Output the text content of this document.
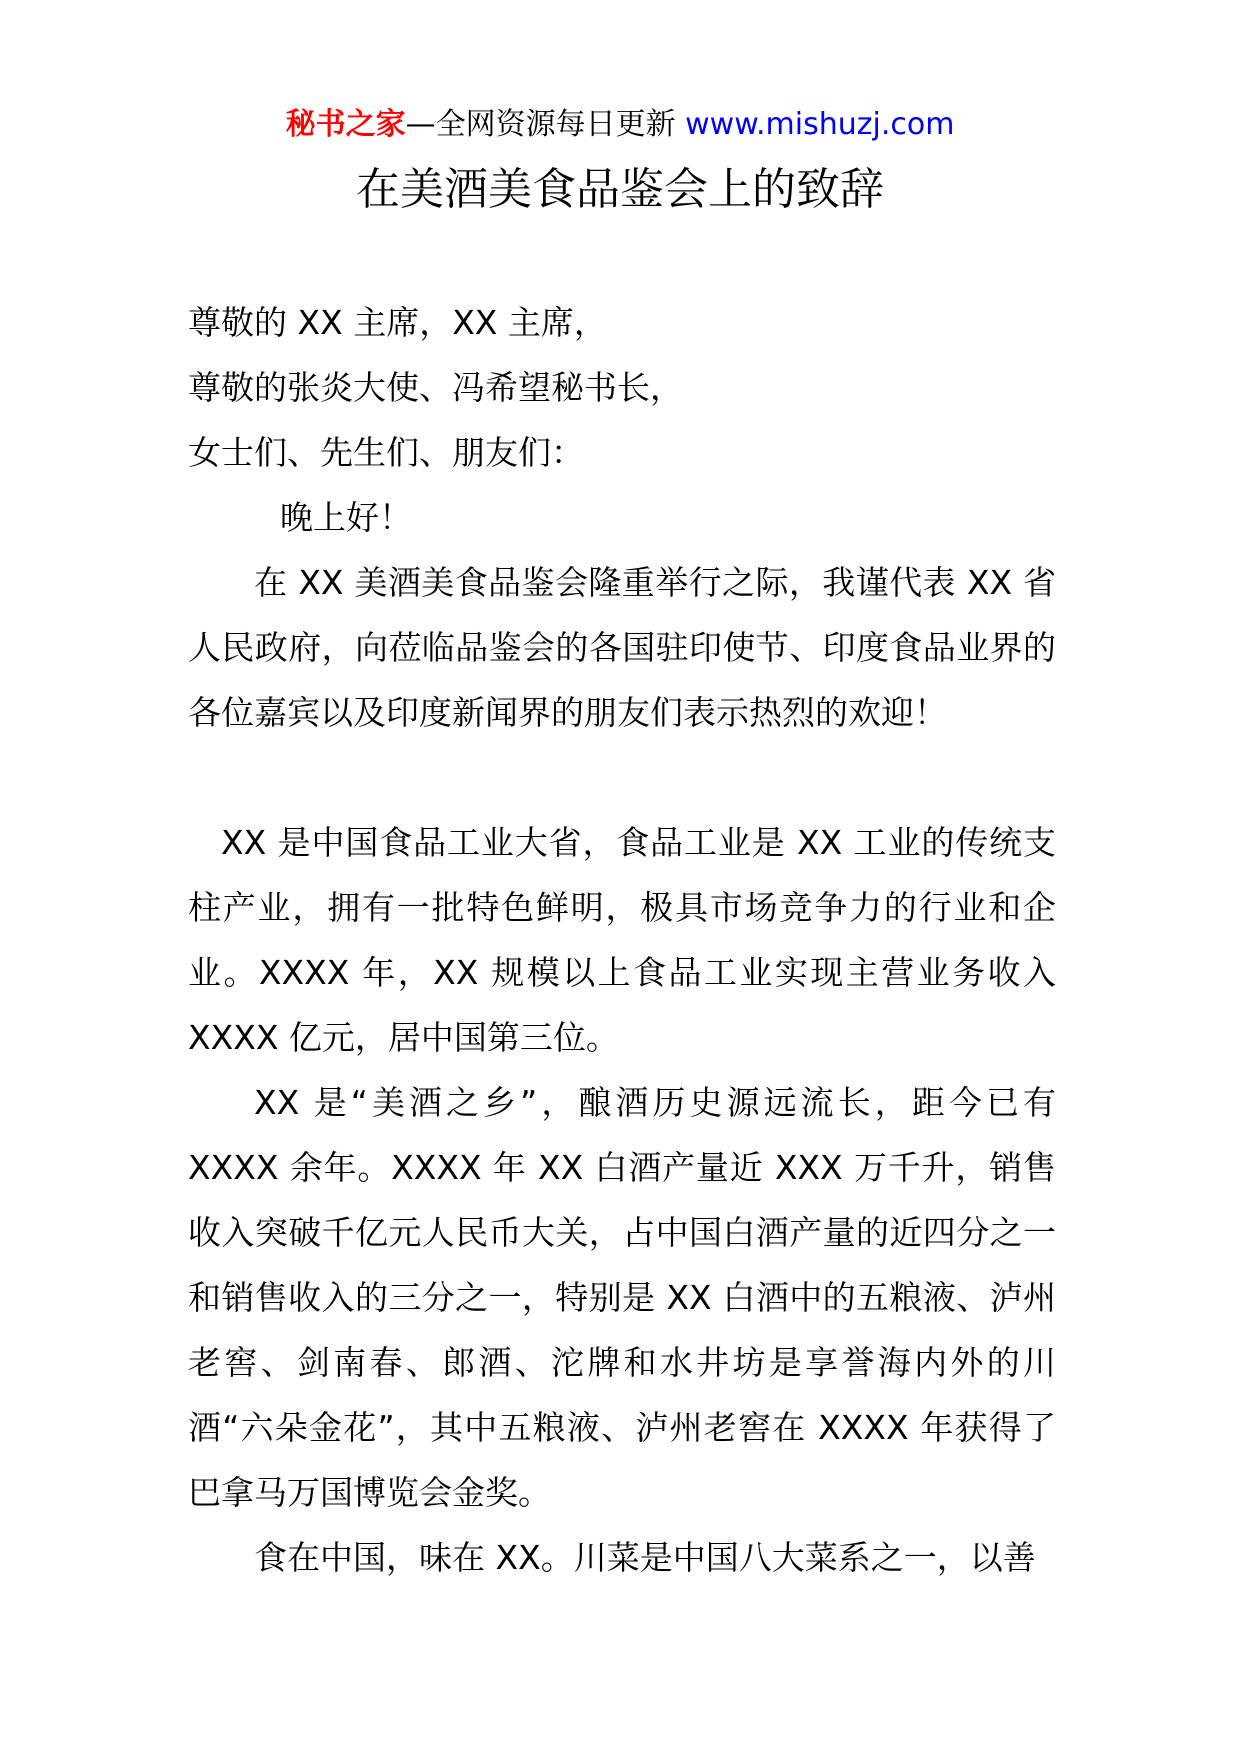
秘书之家—全网资源每日更新 www.mishuzj.com
在美酒美食品鉴会上的致辞

尊敬的 XX 主席，XX 主席，

尊敬的张炎大使、冯希望秘书长，

女士们、先生们、朋友们：

晚上好！

在 XX 美酒美食品鉴会隆重举行之际，我谨代表 XX 省人民政府，向莅临品鉴会的各国驻印使节、印度食品业界的各位嘉宾以及印度新闻界的朋友们表示热烈的欢迎！

XX 是中国食品工业大省，食品工业是 XX 工业的传统支柱产业，拥有一批特色鲜明，极具市场竞争力的行业和企业。XXXX 年，XX 规模以上食品工业实现主营业务收入 XXXX 亿元，居中国第三位。

XX 是“美酒之乡”，酿酒历史源远流长，距今已有 XXXX 余年。XXXX 年 XX 白酒产量近 XXX 万千升，销售收入突破千亿元人民币大关，占中国白酒产量的近四分之一和销售收入的三分之一，特别是 XX 白酒中的五粮液、泸州老窖、剑南春、郎酒、沱牌和水井坊是享誉海内外的川酒“六朵金花”，其中五粮液、泸州老窖在 XXXX 年获得了巴拿马万国博览会金奖。

食在中国，味在 XX。川菜是中国八大菜系之一，以善
